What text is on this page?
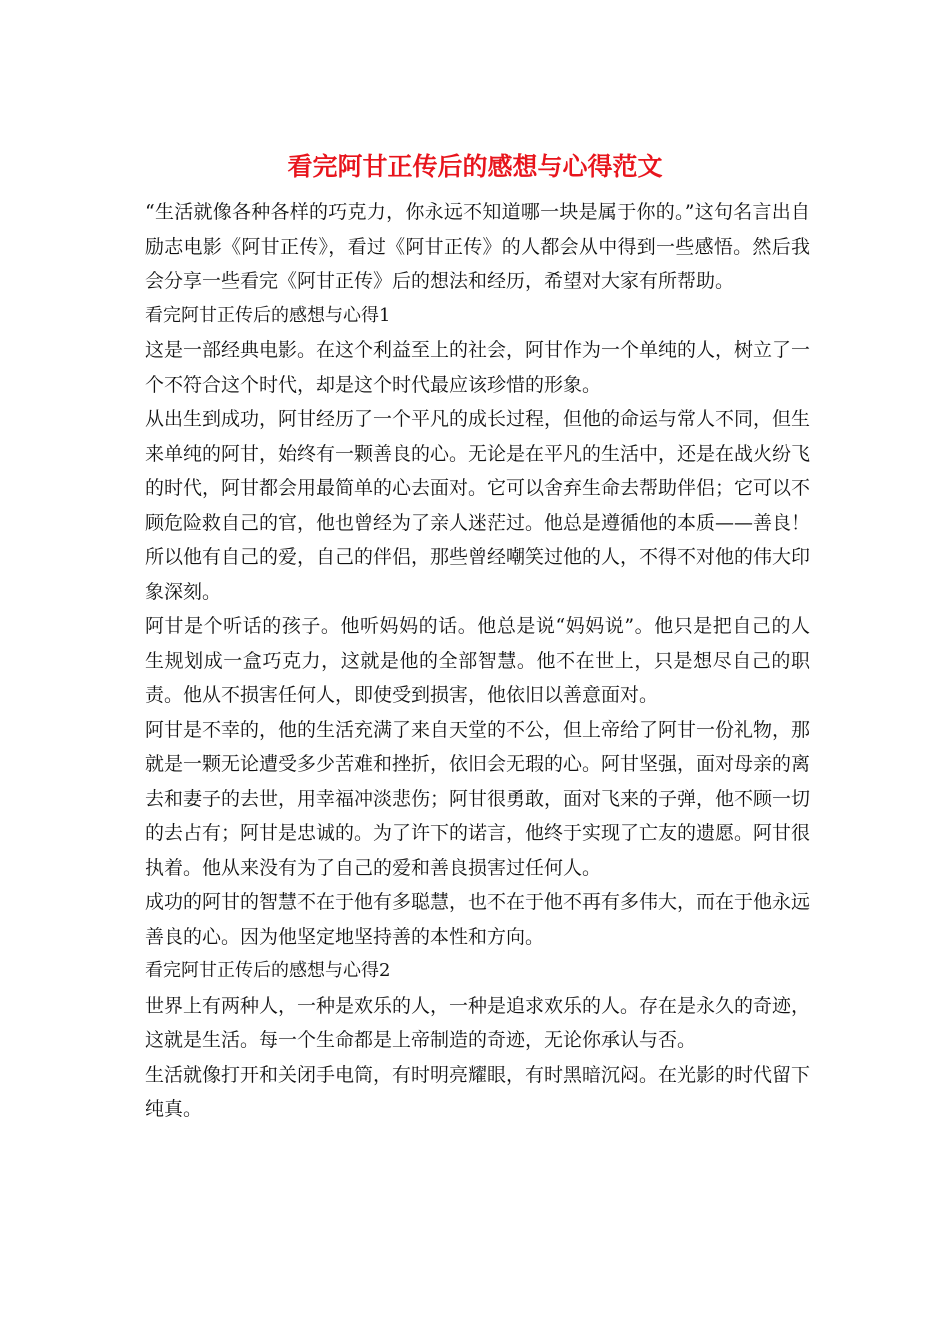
看完阿甘正传后的感想与心得范文

“生活就像各种各样的巧克力，你永远不知道哪一块是属于你的。”这句名言出自励志电影《阿甘正传》，看过《阿甘正传》的人都会从中得到一些感悟。然后我会分享一些看完《阿甘正传》后的想法和经历，希望对大家有所帮助。

看完阿甘正传后的感想与心得1

这是一部经典电影。在这个利益至上的社会，阿甘作为一个单纯的人，树立了一个不符合这个时代，却是这个时代最应该珍惜的形象。

从出生到成功，阿甘经历了一个平凡的成长过程，但他的命运与常人不同，但生来单纯的阿甘，始终有一颗善良的心。无论是在平凡的生活中，还是在战火纷飞的时代，阿甘都会用最简单的心去面对。它可以舍弃生命去帮助伴侣；它可以不顾危险救自己的官，他也曾经为了亲人迷茫过。他总是遵循他的本质——善良！所以他有自己的爱，自己的伴侣，那些曾经嘲笑过他的人，不得不对他的伟大印象深刻。

阿甘是个听话的孩子。他听妈妈的话。他总是说“妈妈说”。他只是把自己的人生规划成一盒巧克力，这就是他的全部智慧。他不在世上，只是想尽自己的职责。他从不损害任何人，即使受到损害，他依旧以善意面对。

阿甘是不幸的，他的生活充满了来自天堂的不公，但上帝给了阿甘一份礼物，那就是一颗无论遭受多少苦难和挫折，依旧会无瑕的心。阿甘坚强，面对母亲的离去和妻子的去世，用幸福冲淡悲伤；阿甘很勇敢，面对飞来的子弹，他不顾一切的去占有；阿甘是忠诚的。为了许下的诺言，他终于实现了亡友的遗愿。阿甘很执着。他从来没有为了自己的爱和善良损害过任何人。

成功的阿甘的智慧不在于他有多聪慧，也不在于他不再有多伟大，而在于他永远善良的心。因为他坚定地坚持善的本性和方向。

看完阿甘正传后的感想与心得2

世界上有两种人，一种是欢乐的人，一种是追求欢乐的人。存在是永久的奇迹，这就是生活。每一个生命都是上帝制造的奇迹，无论你承认与否。

生活就像打开和关闭手电筒，有时明亮耀眼，有时黑暗沉闷。在光影的时代留下纯真。
